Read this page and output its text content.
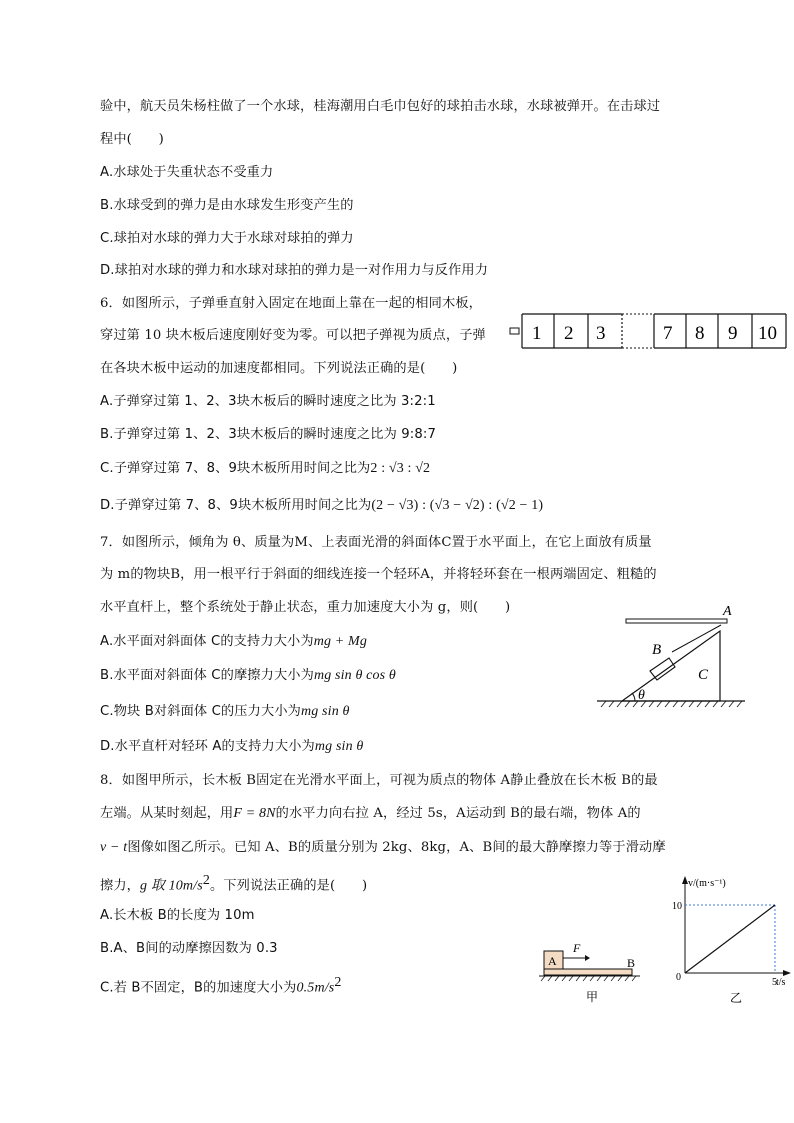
验中，航天员朱杨柱做了一个水球，桂海潮用白毛巾包好的球拍击水球，水球被弹开。在击球过
程中(　　)
A.水球处于失重状态不受重力
B.水球受到的弹力是由水球发生形变产生的
C.球拍对水球的弹力大于水球对球拍的弹力
D.球拍对水球的弹力和水球对球拍的弹力是一对作用力与反作用力
6．如图所示，子弹垂直射入固定在地面上靠在一起的相同木板，
穿过第 10 块木板后速度刚好变为零。可以把子弹视为质点，子弹
在各块木板中运动的加速度都相同。下列说法正确的是(　　)
A.子弹穿过第 1、2、3块木板后的瞬时速度之比为 3:2:1
B.子弹穿过第 1、2、3块木板后的瞬时速度之比为 9:8:7
C.子弹穿过第 7、8、9块木板所用时间之比为2 : √3 : √2
D.子弹穿过第 7、8、9块木板所用时间之比为(2 − √3) : (√3 − √2) : (√2 − 1)
7．如图所示，倾角为 θ、质量为M、上表面光滑的斜面体C置于水平面上，在它上面放有质量
为 m的物块B，用一根平行于斜面的细线连接一个轻环A，并将轻环套在一根两端固定、粗糙的
水平直杆上，整个系统处于静止状态，重力加速度大小为 g，则(　　)
A.水平面对斜面体 C的支持力大小为mg + Mg
B.水平面对斜面体 C的摩擦力大小为mg sin θ cos θ
C.物块 B对斜面体 C的压力大小为mg sin θ
D.水平直杆对轻环 A的支持力大小为mg sin θ
8．如图甲所示，长木板 B固定在光滑水平面上，可视为质点的物体 A静止叠放在长木板 B的最
左端。从某时刻起，用F = 8N的水平力向右拉 A，经过 5s，A运动到 B的最右端，物体 A的
v − t图像如图乙所示。已知 A、B的质量分别为 2kg、8kg，A、B间的最大静摩擦力等于滑动摩
擦力，g 取 $10m/s^2$。下列说法正确的是(　　)
A.长木板 B的长度为 10m
B.A、B间的动摩擦因数为 0.3
C.若 B不固定，B的加速度大小为$0.5m/s^2$
1 2 3	7 8 9 10
A
B
C
θ
A
F
B
甲
v/(m·s⁻¹)
t/s
0
10
5
乙
